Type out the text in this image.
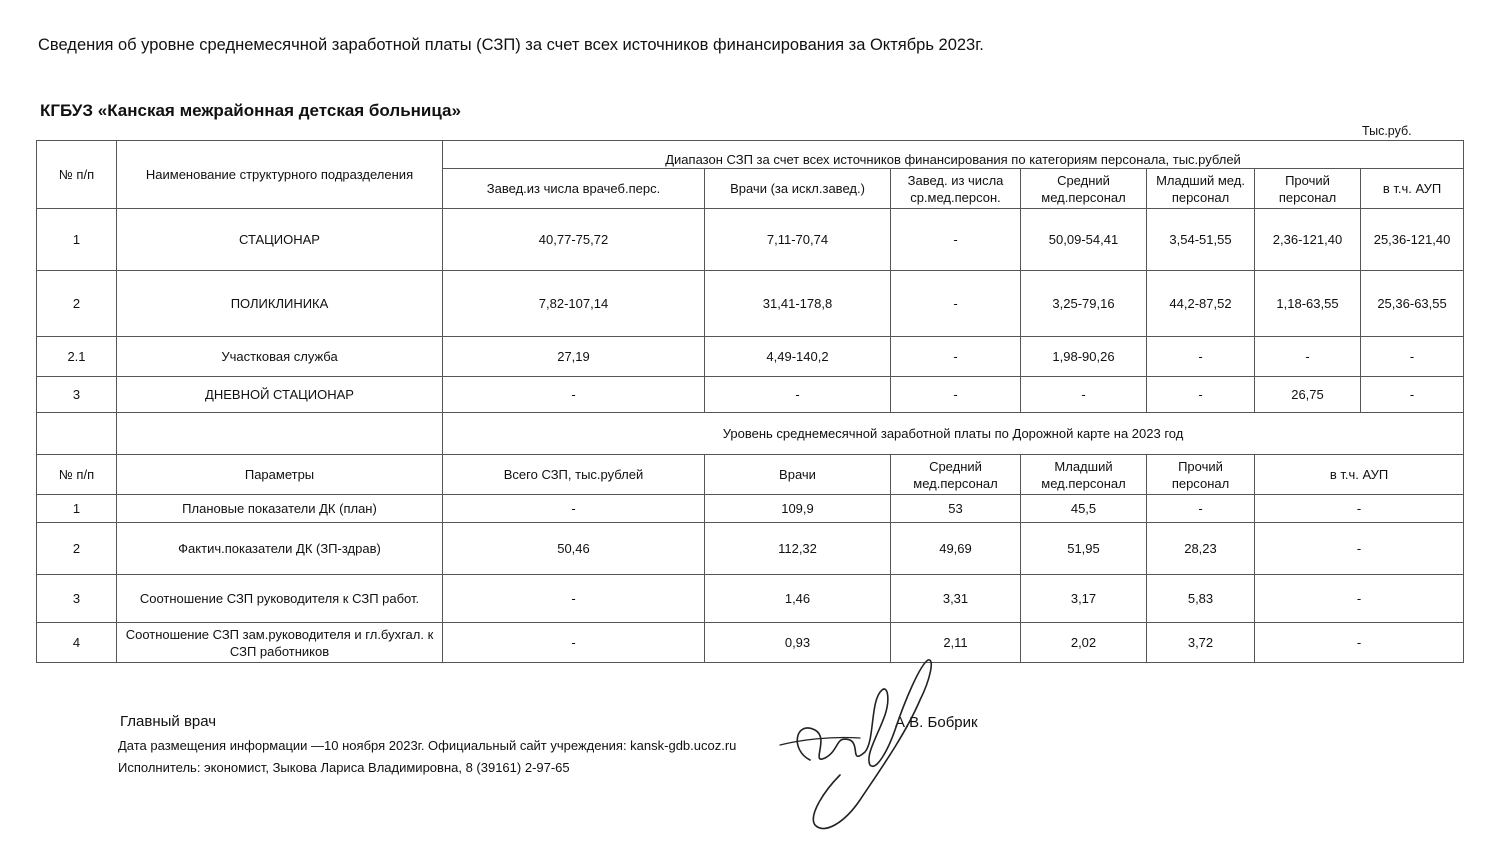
Сведения об уровне среднемесячной заработной платы (СЗП) за счет всех источников финансирования за Октябрь 2023г.
КГБУЗ «Канская межрайонная детская больница»
Тыс.руб.
№ п/п	Наименование структурного подразделения	Диапазон СЗП за счет всех источников финансирования по категориям персонала, тыс.рублей						
		Завед.из числа врачеб.перс.	Врачи (за искл.завед.)	Завед. из числа ср.мед.персон.	Средний мед.персонал	Младший мед. персонал	Прочий персонал	в т.ч. АУП
1	СТАЦИОНАР	40,77-75,72	7,11-70,74	-	50,09-54,41	3,54-51,55	2,36-121,40	25,36-121,40
2	ПОЛИКЛИНИКА	7,82-107,14	31,41-178,8	-	3,25-79,16	44,2-87,52	1,18-63,55	25,36-63,55
2.1	Участковая служба	27,19	4,49-140,2	-	1,98-90,26	-	-	-
3	ДНЕВНОЙ СТАЦИОНАР	-	-	-	-	-	26,75	-
		Уровень среднемесячной заработной платы по Дорожной карте на 2023 год						
№ п/п	Параметры	Всего СЗП, тыс.рублей	Врачи	Средний мед.персонал	Младший мед.персонал	Прочий персонал	в т.ч. АУП
1	Плановые показатели ДК (план)	-	109,9	53	45,5	-	-
2	Фактич.показатели ДК (ЗП-здрав)	50,46	112,32	49,69	51,95	28,23	-
3	Соотношение СЗП руководителя к СЗП работ.	-	1,46	3,31	3,17	5,83	-
4	Соотношение СЗП зам.руководителя и гл.бухгал. к СЗП работников	-	0,93	2,11	2,02	3,72	-
Главный врач	А.В. Бобрик
Дата размещения информации —10 ноября 2023г. Официальный сайт учреждения: kansk-gdb.ucoz.ru
Исполнитель: экономист, Зыкова Лариса Владимировна, 8 (39161) 2-97-65
